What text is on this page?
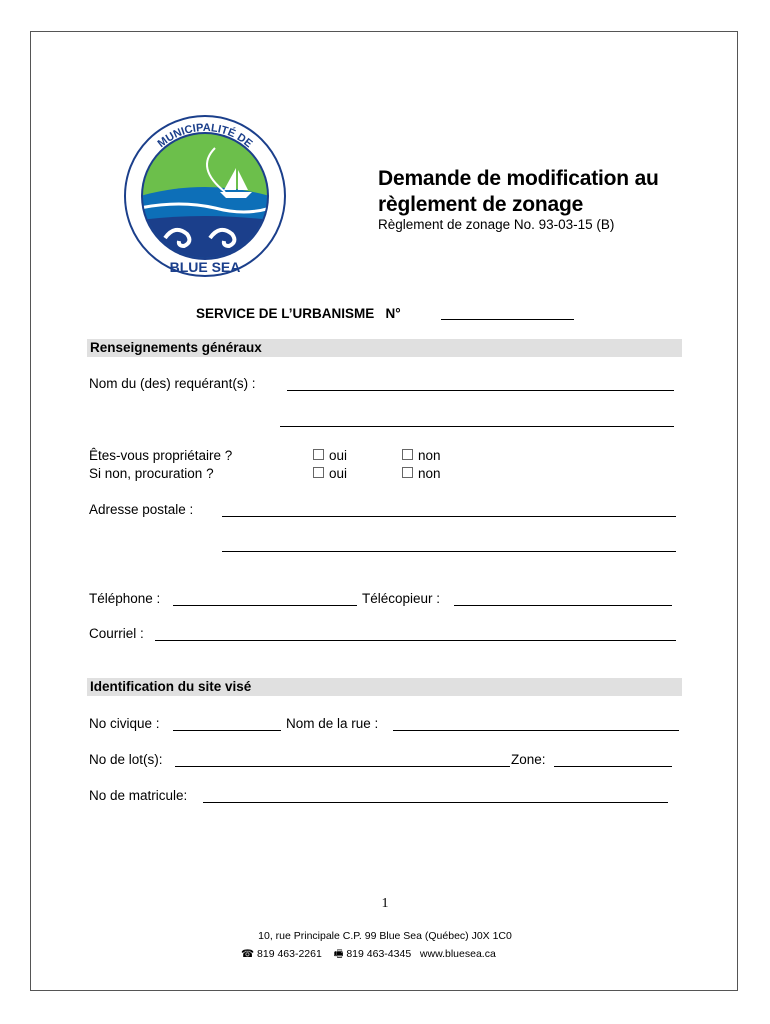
MUNICIPALITÉ DE
BLUE SEA
Demande de modification au
règlement de zonage
Règlement de zonage No. 93-03-15 (B)
SERVICE DE L’URBANISME   N°
Renseignements généraux
Nom du (des) requérant(s) :
Êtes-vous propriétaire ?	oui	non
Si non, procuration ?	oui	non
Adresse postale :
Téléphone :	Télécopieur :
Courriel :
Identification du site visé
No civique :	Nom de la rue :
No de lot(s):	Zone:
No de matricule:
1
10, rue Principale C.P. 99 Blue Sea (Québec) J0X 1C0
☎ 819 463-2261 🖷 819 463-4345 www.bluesea.ca
